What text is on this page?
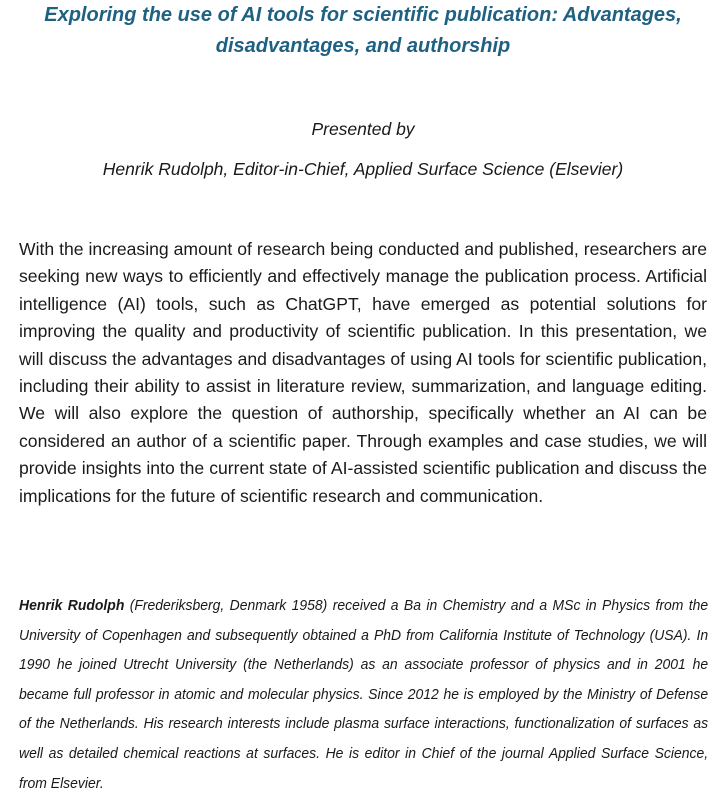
Exploring the use of AI tools for scientific publication: Advantages, disadvantages, and authorship

Presented by

Henrik Rudolph, Editor-in-Chief, Applied Surface Science (Elsevier)

With the increasing amount of research being conducted and published, researchers are seeking new ways to efficiently and effectively manage the publication process. Artificial intelligence (AI) tools, such as ChatGPT, have emerged as potential solutions for improving the quality and productivity of scientific publication. In this presentation, we will discuss the advantages and disadvantages of using AI tools for scientific publication, including their ability to assist in literature review, summarization, and language editing. We will also explore the question of authorship, specifically whether an AI can be considered an author of a scientific paper. Through examples and case studies, we will provide insights into the current state of AI-assisted scientific publication and discuss the implications for the future of scientific research and communication.

Henrik Rudolph (Frederiksberg, Denmark 1958) received a Ba in Chemistry and a MSc in Physics from the University of Copenhagen and subsequently obtained a PhD from California Institute of Technology (USA). In 1990 he joined Utrecht University (the Netherlands) as an associate professor of physics and in 2001 he became full professor in atomic and molecular physics. Since 2012 he is employed by the Ministry of Defense of the Netherlands. His research interests include plasma surface interactions, functionalization of surfaces as well as detailed chemical reactions at surfaces. He is editor in Chief of the journal Applied Surface Science, from Elsevier.
